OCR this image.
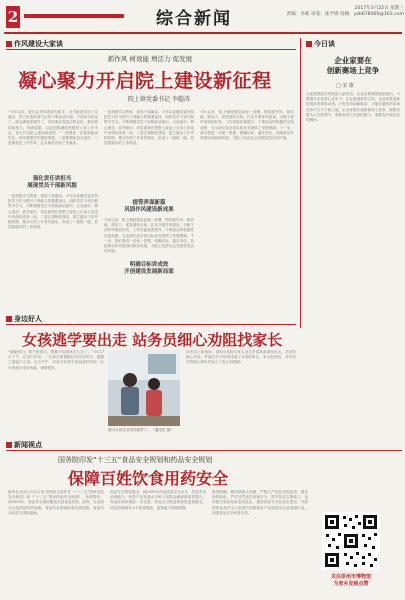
2	综合新闻
2017年3月22日 星期三
责编：李莉 审签：张学锋 投稿：yzb678000@163.com
作风建设大家谈
抓作风 树效能 增活力 促发展
凝心聚力开启院上建设新征程
院上镇党委书记 李超涛
“今年以来，我们以作风建设为抓手，全力推进各项工作落实，努力营造风清气正的干事创业环境。干部作风转变了，群众满意度提升了，各项事业发展态势良好，我们要持续发力，巩固成果，以更加饱满的热情投入到工作中去，奋力开启院上建设新征程。”一是要进一步提高政治站位，切实增强责任感使命感，二是要强化担当意识，三是要改进工作作风，扎实推进各项工作落实。
强化责任讲担当
展现党员干部新风貌
一是加强学习教育，提高干部素质。今年以来镇党委坚持把学习作为提升干部能力的重要途径，组织党员干部开展集中学习，不断增强党员干部的政治意识、大局意识、核心意识、看齐意识，切实做到在思想上政治上行动上同党中央保持高度一致。二是完善制度建设，建立健全工作考核机制，推动各项工作有效落实，形成了一级抓一级、层层抓落实的工作格局。
一是加强学习教育，提高干部素质。今年以来镇党委坚持把学习作为提升干部能力的重要途径，组织党员干部开展集中学习，不断增强党员干部的政治意识、大局意识、核心意识、看齐意识，切实做到在思想上政治上行动上同党中央保持高度一致。二是完善制度建设，建立健全工作考核机制，推动各项工作有效落实，形成了一级抓一级、层层抓落实的工作格局。
提管养谋新篇
巩固作风建设新成果
今年以来，院上镇按照县委统一部署，围绕抓作风、树效能、增活力、促发展的目标，扎实开展作风建设，全镇干部作风明显好转，工作效能显著提升，干事创业的积极性空前高涨，为全面完成各项目标任务提供了坚强保障。下一步，我们将进一步统一思想、明确目标、落实责任，持续推动作风建设向纵深发展，为院上经济社会发展营造良好环境。
明确目标讲成效
开创建设发展新局面
今年以来，院上镇按照县委统一部署，围绕抓作风、树效能、增活力、促发展的目标，扎实开展作风建设，全镇干部作风明显好转，工作效能显著提升，干事创业的积极性空前高涨，为全面完成各项目标任务提供了坚强保障。下一步，我们将进一步统一思想、明确目标、落实责任，持续推动作风建设向纵深发展，为院上经济社会发展营造良好环境。
今日谈
企业家要在
创新赛场上竞争
□ 宋 旗
当前我国经济发展进入新常态，企业家要增强创新意识，不断提升企业核心竞争力。企业是创新的主体，企业家是创新的组织者和推动者。只有坚持创新驱动，才能在激烈的市场竞争中立于不败之地。企业家要在创新赛场上竞争，需要有敢为人先的勇气，需要有持之以恒的毅力，需要有开放包容的胸怀。
身边好人
女孩逃学要出走 站务员细心劝阻找家长
“谢谢你们，要不是你们，我都不知道该怎么办了。”3月17日下午，在县汽车站，一位家长紧紧握住站务员的手，感激之情溢于言表。当天中午，站务员在候车室巡查时发现一名女孩独自坐在角落，神情慌张。
图为女孩在站务员陪护下。（通讯员 摄）
站务员上前询问，得知女孩因与家人发生矛盾准备离家出走。站务员耐心劝说，并通过多方联系找到了女孩的家长。家长赶到后，对站务员的细心和负责表示了衷心的感谢。
新闻视点
国务院印发“十三五”食品安全规划和药品安全规划
保障百姓饮食用药安全
新华社北京2月21日电 国务院日前印发《“十三五”国家食品安全规划》和《“十三五”国家药品安全规划》。规划提出，到2020年，食品安全抽检覆盖全部食品类别、品种，农业源头污染得到有效治理，食品安全现场检查全面加强，食品安全标准与国际接轨。
药品安全规划提出，到2020年药品质量安全水平、药品安全治理能力、医药产业发展水平和人民群众满意度明显提升。药品标准体系进一步完善，药品全过程监管制度更加健全，执业药师服务水平显著提高，监管能力持续增强。
规划明确，要加强源头治理，严格生产经营过程监管，强化抽样检验，严厉处罚违法违规行为，提升技术支撑能力，加快建立职业化检查员队伍，推进食品安全信息化建设，开展国家食品安全示范城市创建和农产品质量安全县创建行动，加强食品安全科普宣传。
关注原州市博物馆
为家乡发展点赞
